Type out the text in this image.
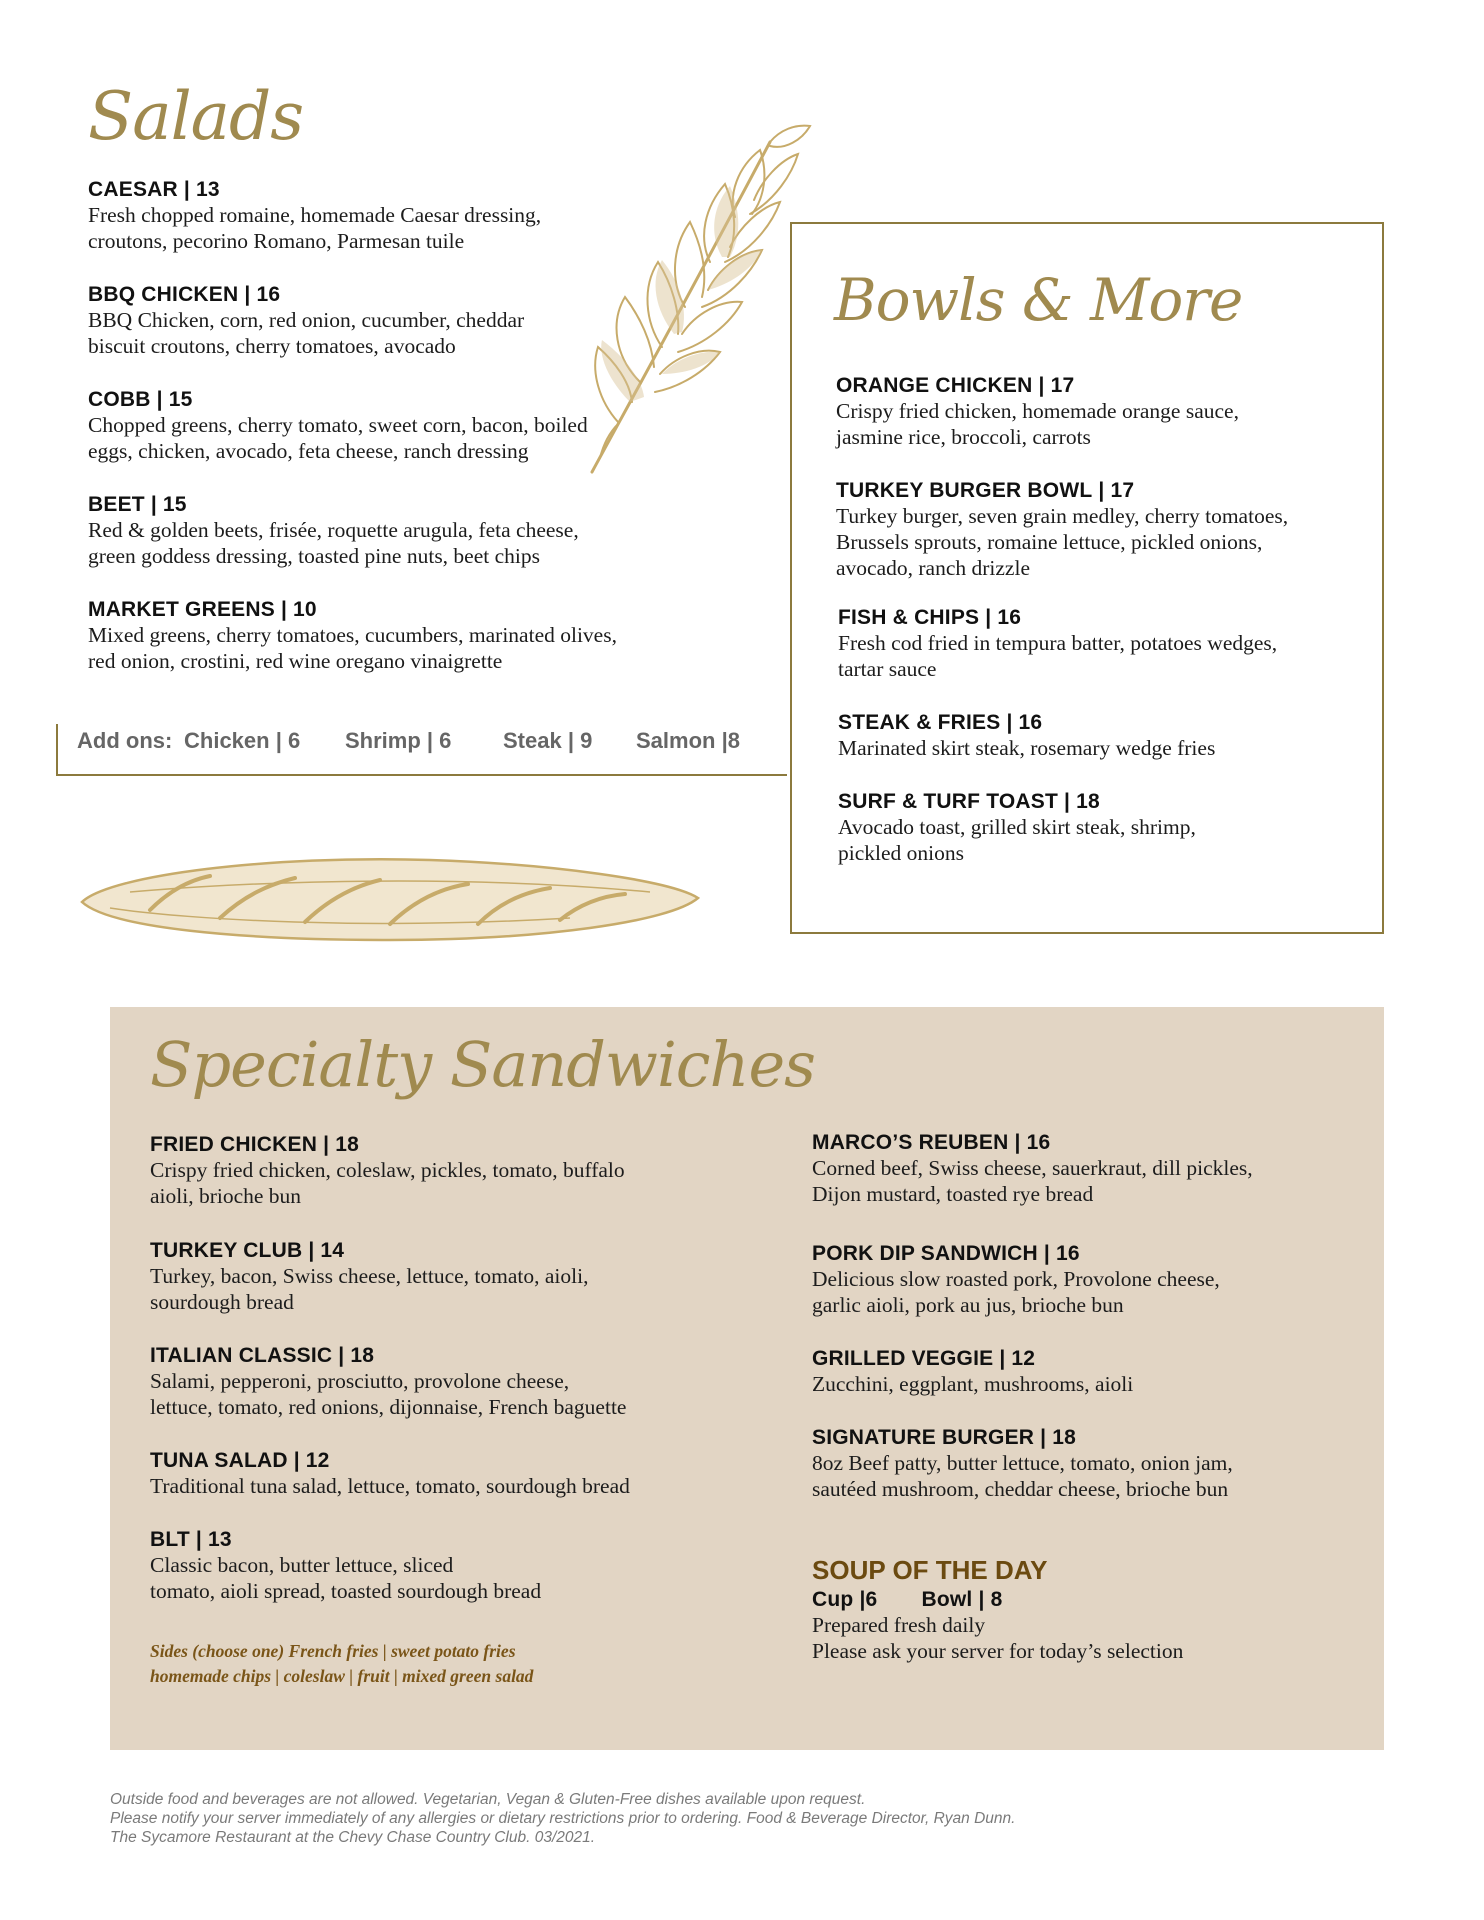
Salads
CAESAR | 13
Fresh chopped romaine, homemade Caesar dressing,
croutons, pecorino Romano, Parmesan tuile
BBQ CHICKEN | 16
BBQ Chicken, corn, red onion, cucumber, cheddar
biscuit croutons, cherry tomatoes, avocado
COBB | 15
Chopped greens, cherry tomato, sweet corn, bacon, boiled
eggs, chicken, avocado, feta cheese, ranch dressing
BEET | 15
Red & golden beets, frisée, roquette arugula, feta cheese,
green goddess dressing, toasted pine nuts, beet chips
MARKET GREENS | 10
Mixed greens, cherry tomatoes, cucumbers, marinated olives,
red onion, crostini, red wine oregano vinaigrette
Add ons: Chicken | 6 Shrimp | 6 Steak | 9 Salmon |8
Bowls & More
ORANGE CHICKEN | 17
Crispy fried chicken, homemade orange sauce,
jasmine rice, broccoli, carrots
TURKEY BURGER BOWL | 17
Turkey burger, seven grain medley, cherry tomatoes,
Brussels sprouts, romaine lettuce, pickled onions,
avocado, ranch drizzle
FISH & CHIPS | 16
Fresh cod fried in tempura batter, potatoes wedges,
tartar sauce
STEAK & FRIES | 16
Marinated skirt steak, rosemary wedge fries
SURF & TURF TOAST | 18
Avocado toast, grilled skirt steak, shrimp,
pickled onions
Specialty Sandwiches
FRIED CHICKEN | 18
Crispy fried chicken, coleslaw, pickles, tomato, buffalo
aioli, brioche bun
TURKEY CLUB | 14
Turkey, bacon, Swiss cheese, lettuce, tomato, aioli,
sourdough bread
ITALIAN CLASSIC | 18
Salami, pepperoni, prosciutto, provolone cheese,
lettuce, tomato, red onions, dijonnaise, French baguette
TUNA SALAD | 12
Traditional tuna salad, lettuce, tomato, sourdough bread
BLT | 13
Classic bacon, butter lettuce, sliced
tomato, aioli spread, toasted sourdough bread
Sides (choose one) French fries | sweet potato fries
homemade chips | coleslaw | fruit | mixed green salad
MARCO’S REUBEN | 16
Corned beef, Swiss cheese, sauerkraut, dill pickles,
Dijon mustard, toasted rye bread
PORK DIP SANDWICH | 16
Delicious slow roasted pork, Provolone cheese,
garlic aioli, pork au jus, brioche bun
GRILLED VEGGIE | 12
Zucchini, eggplant, mushrooms, aioli
SIGNATURE BURGER | 18
8oz Beef patty, butter lettuce, tomato, onion jam,
sautéed mushroom, cheddar cheese, brioche bun
SOUP OF THE DAY
Cup |6 Bowl | 8
Prepared fresh daily
Please ask your server for today’s selection
Outside food and beverages are not allowed. Vegetarian, Vegan & Gluten-Free dishes available upon request.
Please notify your server immediately of any allergies or dietary restrictions prior to ordering. Food & Beverage Director, Ryan Dunn.
The Sycamore Restaurant at the Chevy Chase Country Club. 03/2021.
